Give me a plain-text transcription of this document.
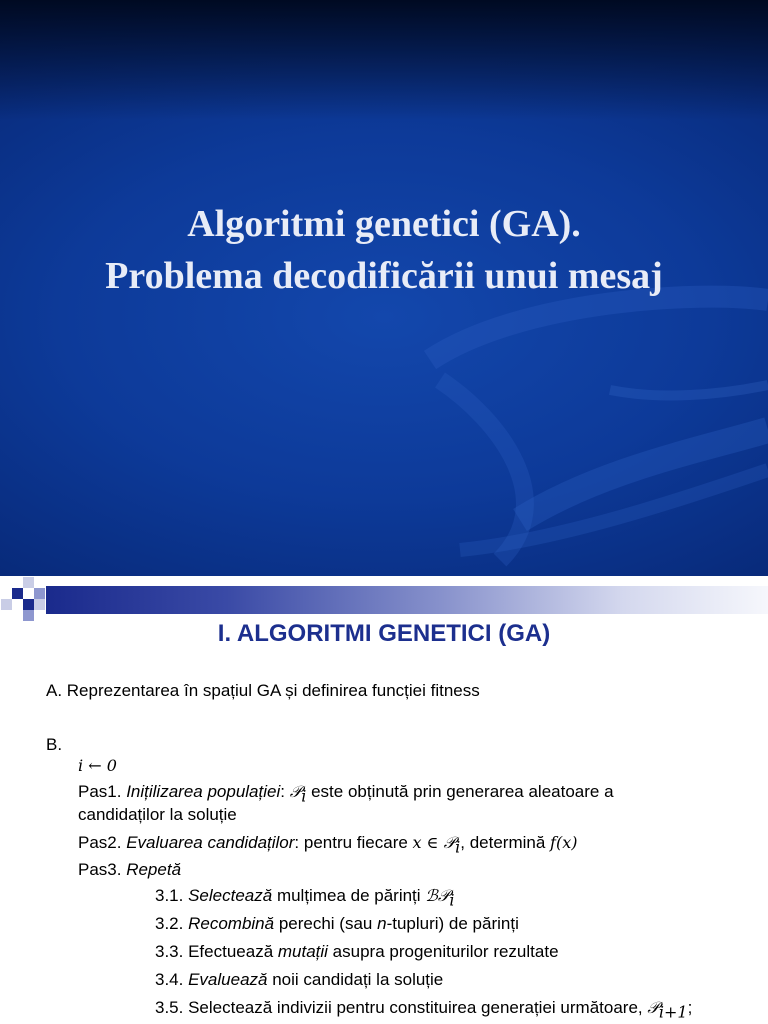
Algoritmi genetici (GA).
Problema decodificării unui mesaj
I. ALGORITMI GENETICI (GA)
A. Reprezentarea în spațiul GA și definirea funcției fitness
B.
i ← 0
Pas1. Inițilizarea populației: 𝒫$_i$ este obținută prin generarea aleatoare a
candidaților la soluție
Pas2. Evaluarea candidaților: pentru fiecare x ∈ 𝒫$_i$, determină f(x)
Pas3. Repetă
3.1. Selectează mulțimea de părinți ℬ𝒫$_i$
3.2. Recombină perechi (sau n-tupluri) de părinți
3.3. Efectuează mutații asupra progeniturilor rezultate
3.4. Evaluează noii candidați la soluție
3.5. Selectează indivizii pentru constituirea generației următoare, 𝒫$_{i+1}$;
